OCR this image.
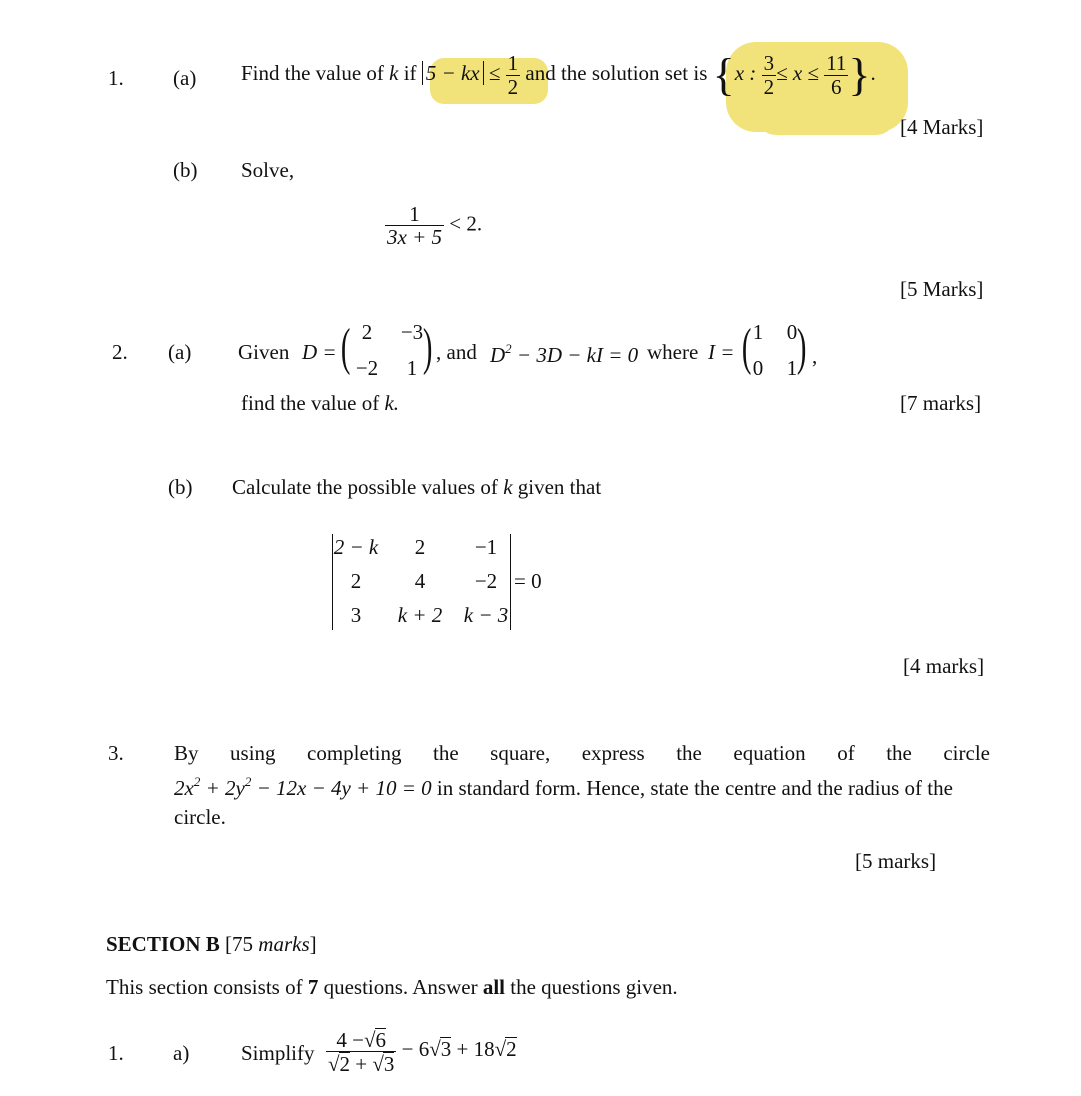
1. (a) Find the value of k if 5 − kx ≤ $\frac{1}{2}$ and the solution set is {x : $\frac{3}{2} \le x \le \frac{11}{6}$ }.
[4 Marks]
(b) Solve,
$\frac{1}{3x + 5} < 2$.
[5 Marks]
2. (a) Given D = ( )
2	−3
−2	1
, and $D^2 - 3D$ − kI = 0 where I = ( )
1	0
0	1 ,
find the value of k.	[7 marks]
(b) Calculate the possible values of k given that
2 − k	2	−1
2	4	−2
3	k + 2	k − 3
= 0
[4 marks]
3. By using completing the square, express the equation of the circle
$2x^2 + 2y^2 - 12x - 4y + 10 = 0$ in standard form. Hence, state the centre and the radius of the
circle.
[5 marks]
SECTION B [75 marks]
This section consists of 7 questions. Answer all the questions given.
1. a) Simplify $\frac{4 -√6}{√2 + √3} - 6√3 + 18√2$
